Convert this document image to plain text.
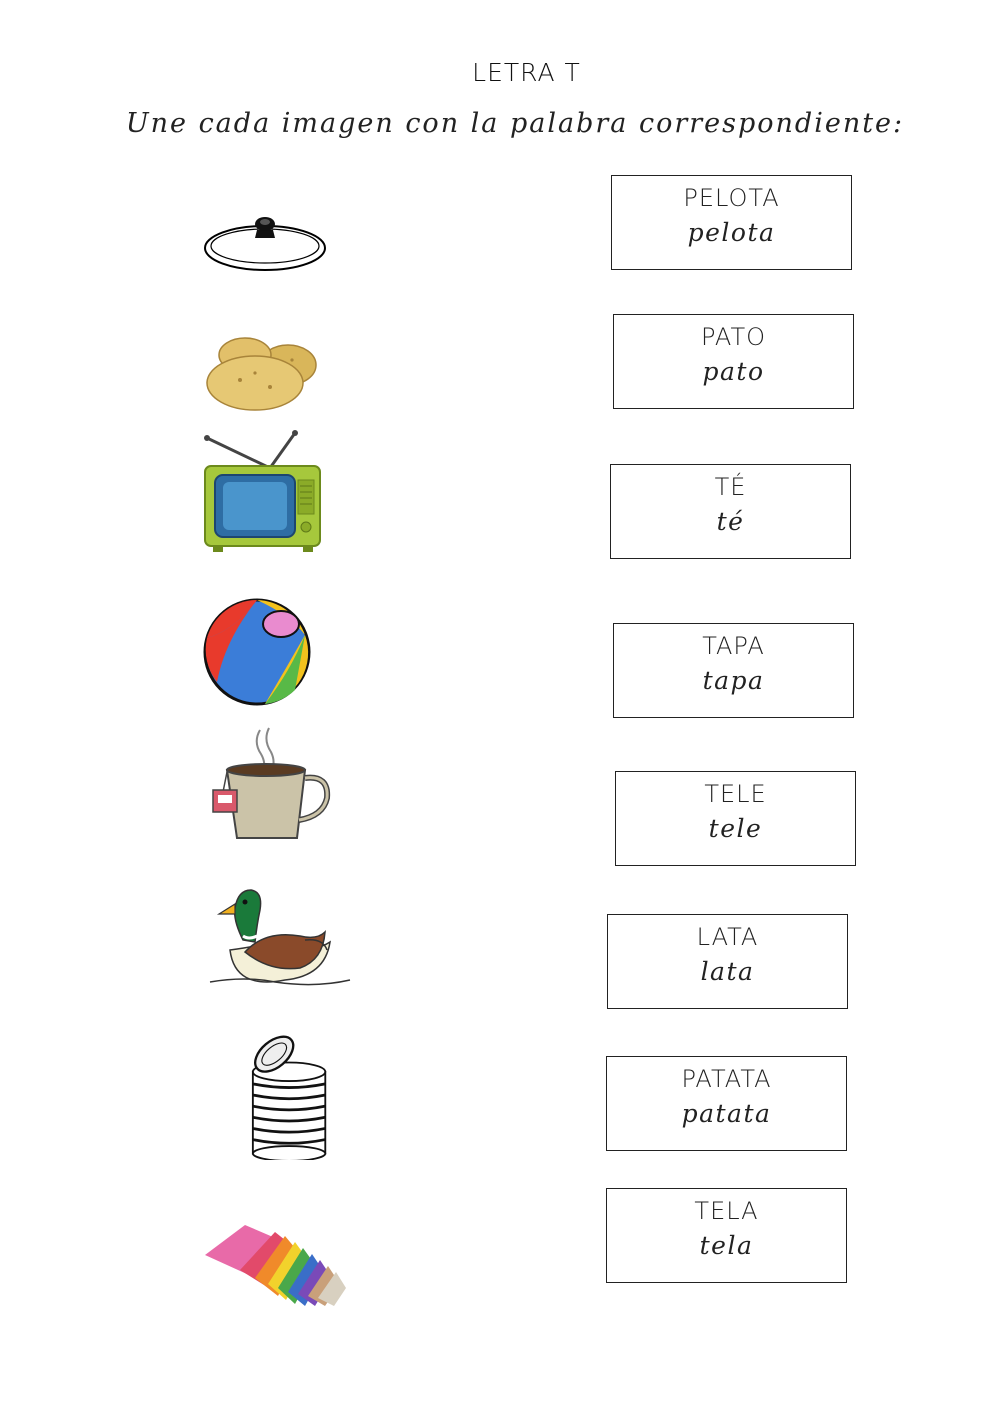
LETRA T
Une cada imagen con la palabra correspondiente:
PELOTA
pelota
PATO
pato
TÉ
té
TAPA
tapa
TELE
tele
LATA
lata
PATATA
patata
TELA
tela
